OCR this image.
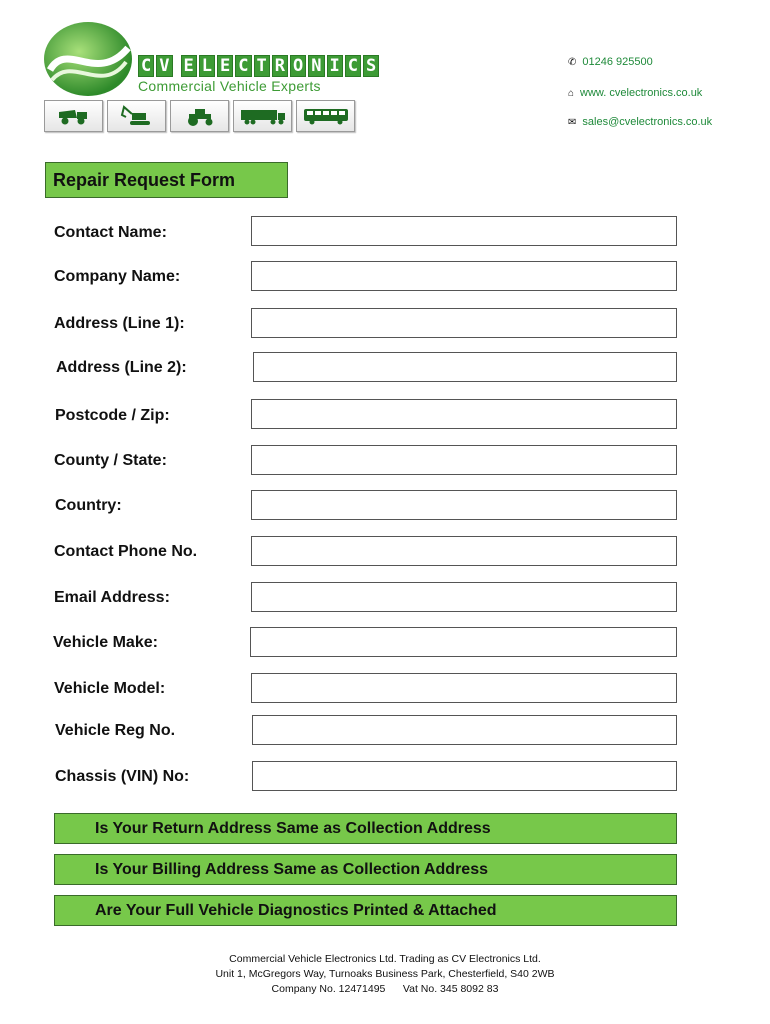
C V E L E C T R O N I C S
Commercial Vehicle Experts
✆ 01246 925500
⌂ www. cvelectronics.co.uk
✉ sales@cvelectronics.co.uk
Repair Request Form
Contact Name:
Company Name:
Address (Line 1):
Address (Line 2):
Postcode / Zip:
County / State:
Country:
Contact Phone No.
Email Address:
Vehicle Make:
Vehicle Model:
Vehicle Reg No.
Chassis (VIN) No:
Is Your Return Address Same as Collection Address
Is Your Billing Address Same as Collection Address
Are Your Full Vehicle Diagnostics Printed & Attached
Commercial Vehicle Electronics Ltd. Trading as CV Electronics Ltd.
Unit 1, McGregors Way, Turnoaks Business Park, Chesterfield, S40 2WB
Company No. 12471495      Vat No. 345 8092 83
